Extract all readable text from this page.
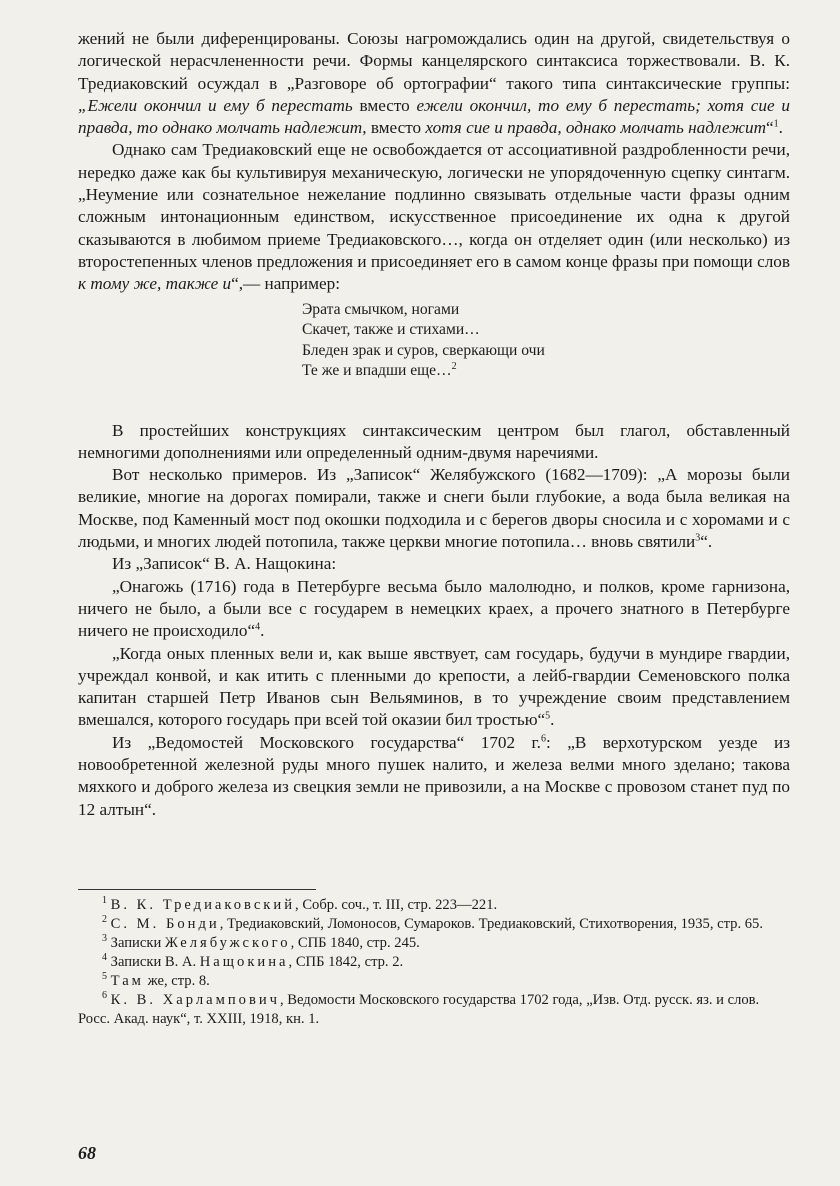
жений не были диференцированы. Союзы нагромождались один на другой, свидетельствуя о логической нерасчлененности речи. Формы канцелярского синтаксиса торжествовали. В. К. Тредиаковский осуждал в „Разговоре об ортографии“ такого типа синтаксические группы: „Ежели окончил и ему б перестать вместо ежели окончил, то ему б перестать; хотя сие и правда, то однако молчать надлежит, вместо хотя сие и правда, однако молчать надлежит“$^1$.

Однако сам Тредиаковский еще не освобождается от ассоциативной раздробленности речи, нередко даже как бы культивируя механическую, логически не упорядоченную сцепку синтагм. „Неумение или сознательное нежелание подлинно связывать отдельные части фразы одним сложным интонационным единством, искусственное присоединение их одна к другой сказываются в любимом приеме Тредиаковского…, когда он отделяет один (или несколько) из второстепенных членов предложения и присоединяет его в самом конце фразы при помощи слов к тому же, также и“,— например:

Эрата смычком, ногами
Скачет, также и стихами…
Бледен зрак и суров, сверкающи очи
Те же и впадши еще…$^2$

В простейших конструкциях синтаксическим центром был глагол, обставленный немногими дополнениями или определенный одним-двумя наречиями.

Вот несколько примеров. Из „Записок“ Желябужского (1682—1709): „А морозы были великие, многие на дорогах помирали, также и снеги были глубокие, а вода была великая на Москве, под Каменный мост под окошки подходила и с берегов дворы сносила и с хоромами и с людьми, и многих людей потопила, также церкви многие потопила… вновь святили$^3$“.

Из „Записок“ В. А. Нащокина:

„Онагожь (1716) года в Петербурге весьма было малолюдно, и полков, кроме гарнизона, ничего не было, а были все с государем в немецких краех, а прочего знатного в Петербурге ничего не происходило“$^4$.

„Когда оных пленных вели и, как выше явствует, сам государь, будучи в мундире гвардии, учреждал конвой, и как итить с пленными до крепости, а лейб-гвардии Семеновского полка капитан старшей Петр Иванов сын Вельяминов, в то учреждение своим представлением вмешался, которого государь при всей той оказии бил тростью“$^5$.

Из „Ведомостей Московского государства“ 1702 г.$^6$: „В верхотурском уезде из новообретенной железной руды много пушек налито, и железа велми много зделано; такова мяхкого и доброго железа из свецкия земли не привозили, а на Москве с провозом станет пуд по 12 алтын“.

$^1$ В. К. Тредиаковский, Собр. соч., т. III, стр. 223—221.

$^2$ С. М. Бонди, Тредиаковский, Ломоносов, Сумароков. Тредиаковский, Стихотворения, 1935, стр. 65.

$^3$ Записки Желябужского, СПБ 1840, стр. 245.

$^4$ Записки В. А. Нащокина, СПБ 1842, стр. 2.

$^5$ Там же, стр. 8.

$^6$ К. В. Харлампович, Ведомости Московского государства 1702 года, „Изв. Отд. русск. яз. и слов. Росс. Акад. наук“, т. XXIII, 1918, кн. 1.

68
